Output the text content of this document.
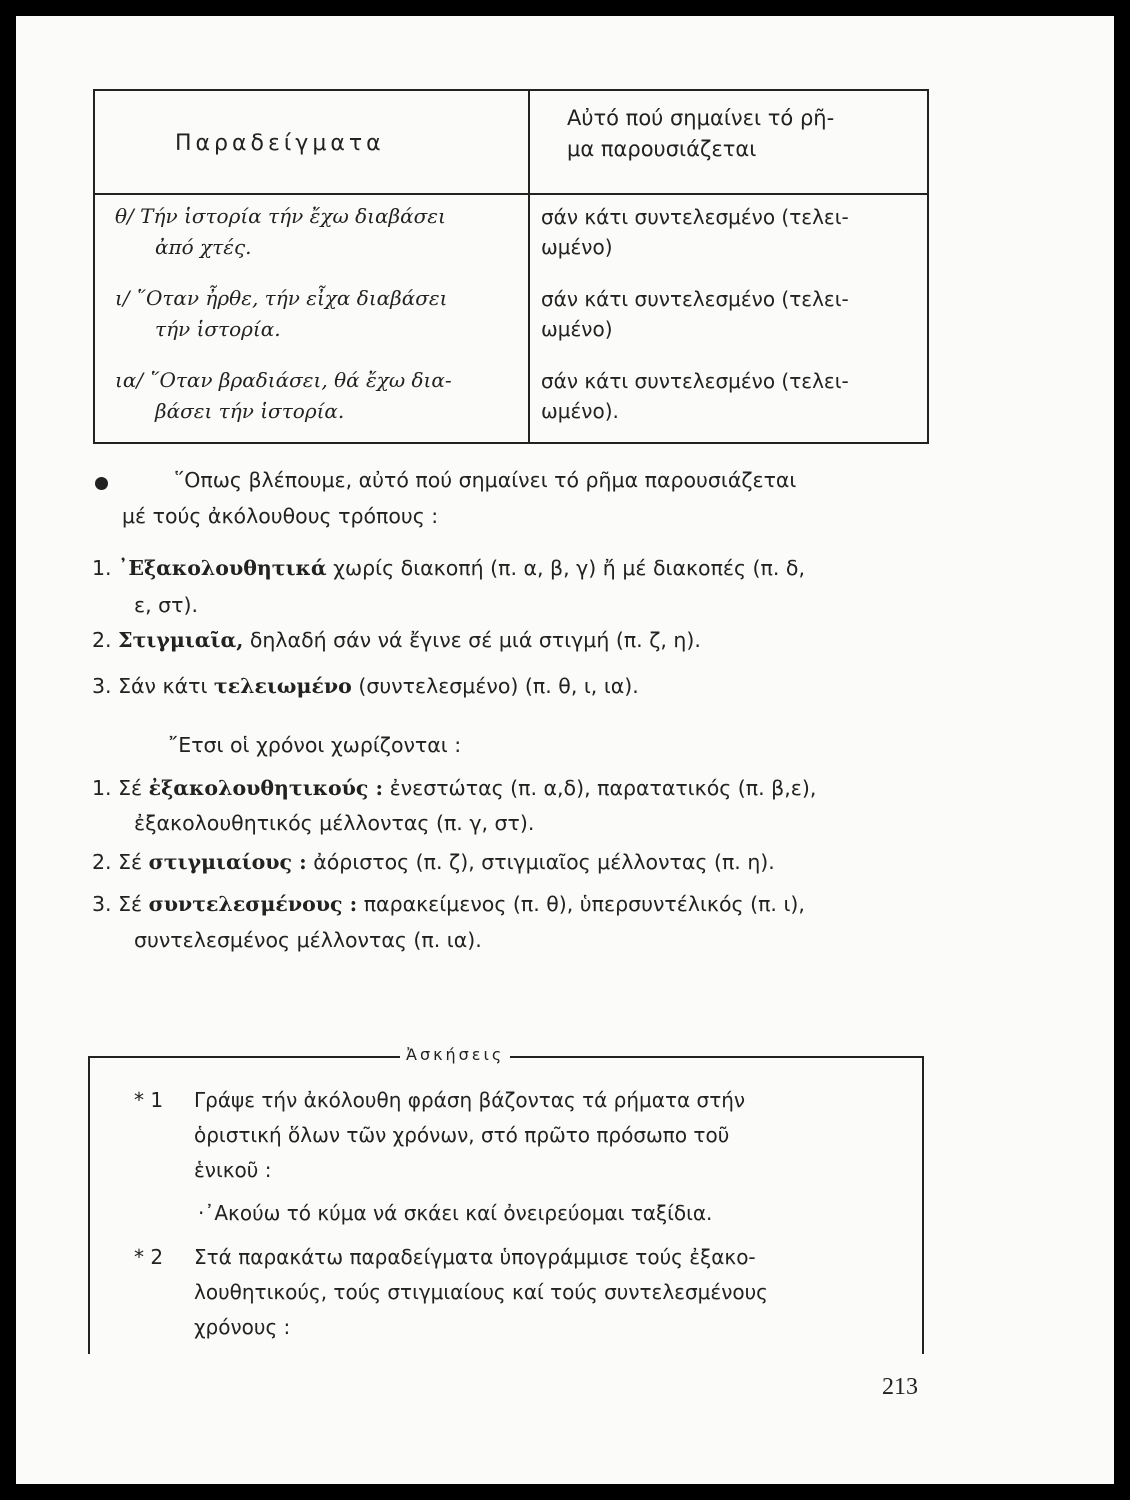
Παραδείγματα
Αὐτό πού σημαίνει τό ρῆ-
μα παρουσιάζεται
θ/ Τήν ἱστορία τήν ἔχω διαβάσει
ἀπό χτές.
σάν κάτι συντελεσμένο (τελει-
ωμένο)
ι/ ῞Οταν ἦρθε, τήν εἶχα διαβάσει
τήν ἱστορία.
σάν κάτι συντελεσμένο (τελει-
ωμένο)
ια/ ῞Οταν βραδιάσει, θά ἔχω δια-
βάσει τήν ἱστορία.
σάν κάτι συντελεσμένο (τελει-
ωμένο).
῞Οπως βλέπουμε, αὐτό πού σημαίνει τό ρῆμα παρουσιάζεται
μέ τούς ἀκόλουθους τρόπους :
1. ᾿Εξακολουθητικά χωρίς διακοπή (π. α, β, γ) ἤ μέ διακοπές (π. δ,
ε, στ).
2. Στιγμιαῖα, δηλαδή σάν νά ἔγινε σέ μιά στιγμή (π. ζ, η).
3. Σάν κάτι τελειωμένο (συντελεσμένο) (π. θ, ι, ια).
῎Ετσι οἱ χρόνοι χωρίζονται :
1. Σέ ἐξακολουθητικούς : ἐνεστώτας (π. α,δ), παρατατικός (π. β,ε),
ἐξακολουθητικός μέλλοντας (π. γ, στ).
2. Σέ στιγμιαίους : ἀόριστος (π. ζ), στιγμιαῖος μέλλοντας (π. η).
3. Σέ συντελεσμένους : παρακείμενος (π. θ), ὑπερσυντέλικός (π. ι),
συντελεσμένος μέλλοντας (π. ια).
Ἀσκήσεις
* 1 Γράψε τήν ἀκόλουθη φράση βάζοντας τά ρήματα στήν
ὁριστική ὅλων τῶν χρόνων, στό πρῶτο πρόσωπο τοῦ
ἑνικοῦ :
·᾿Ακούω τό κύμα νά σκάει καί ὀνειρεύομαι ταξίδια.
* 2 Στά παρακάτω παραδείγματα ὑπογράμμισε τούς ἐξακο-
λουθητικούς, τούς στιγμιαίους καί τούς συντελεσμένους
χρόνους :
213
